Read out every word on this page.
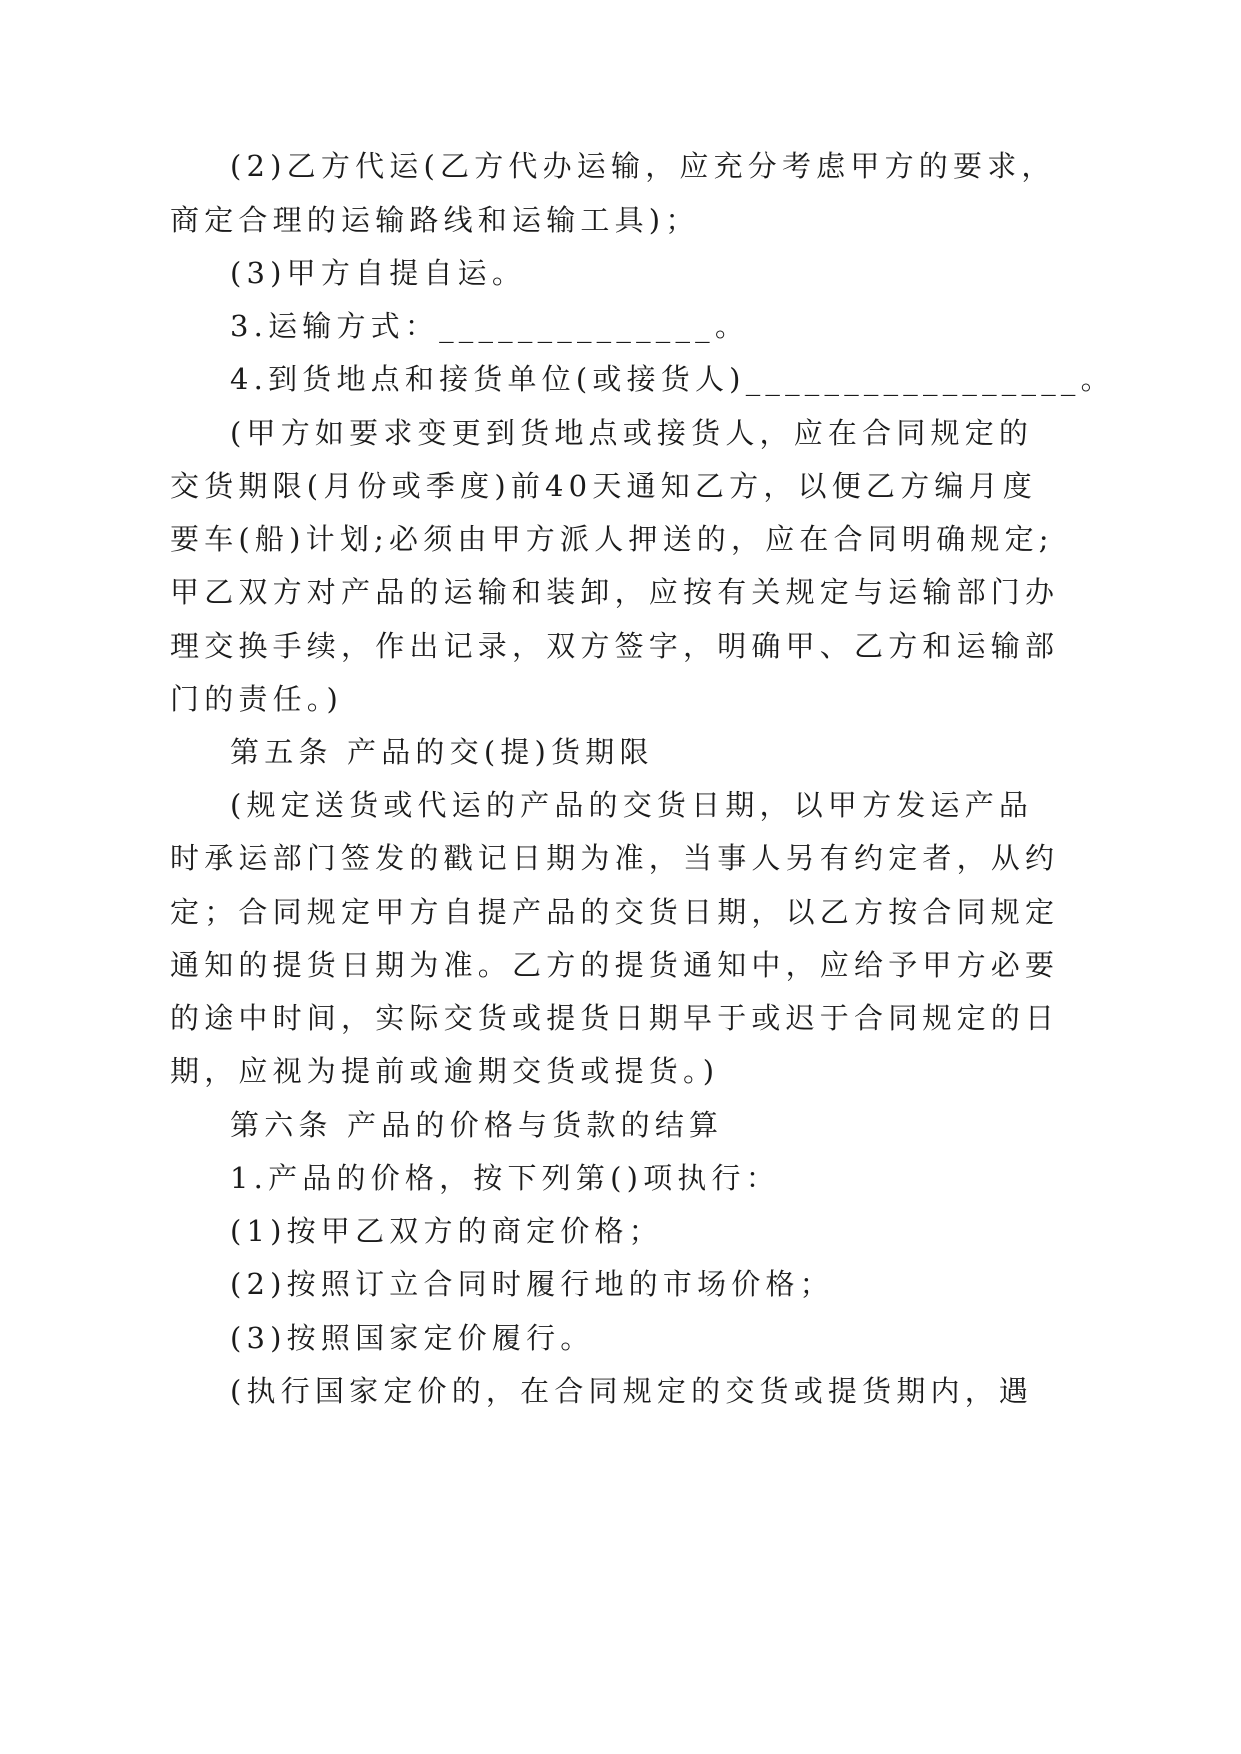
(2)乙方代运(乙方代办运输，应充分考虑甲方的要求，

商定合理的运输路线和运输工具)；

(3)甲方自提自运。

3.运输方式：______________。

4.到货地点和接货单位(或接货人)_________________。

(甲方如要求变更到货地点或接货人，应在合同规定的

交货期限(月份或季度)前40天通知乙方，以便乙方编月度

要车(船)计划;必须由甲方派人押送的，应在合同明确规定;

甲乙双方对产品的运输和装卸，应按有关规定与运输部门办

理交换手续，作出记录，双方签字，明确甲、乙方和运输部

门的责任。)

第五条 产品的交(提)货期限

(规定送货或代运的产品的交货日期，以甲方发运产品

时承运部门签发的戳记日期为准，当事人另有约定者，从约

定；合同规定甲方自提产品的交货日期，以乙方按合同规定

通知的提货日期为准。乙方的提货通知中，应给予甲方必要

的途中时间，实际交货或提货日期早于或迟于合同规定的日

期，应视为提前或逾期交货或提货。)

第六条 产品的价格与货款的结算

1.产品的价格，按下列第()项执行：

(1)按甲乙双方的商定价格；

(2)按照订立合同时履行地的市场价格；

(3)按照国家定价履行。

(执行国家定价的，在合同规定的交货或提货期内，遇
